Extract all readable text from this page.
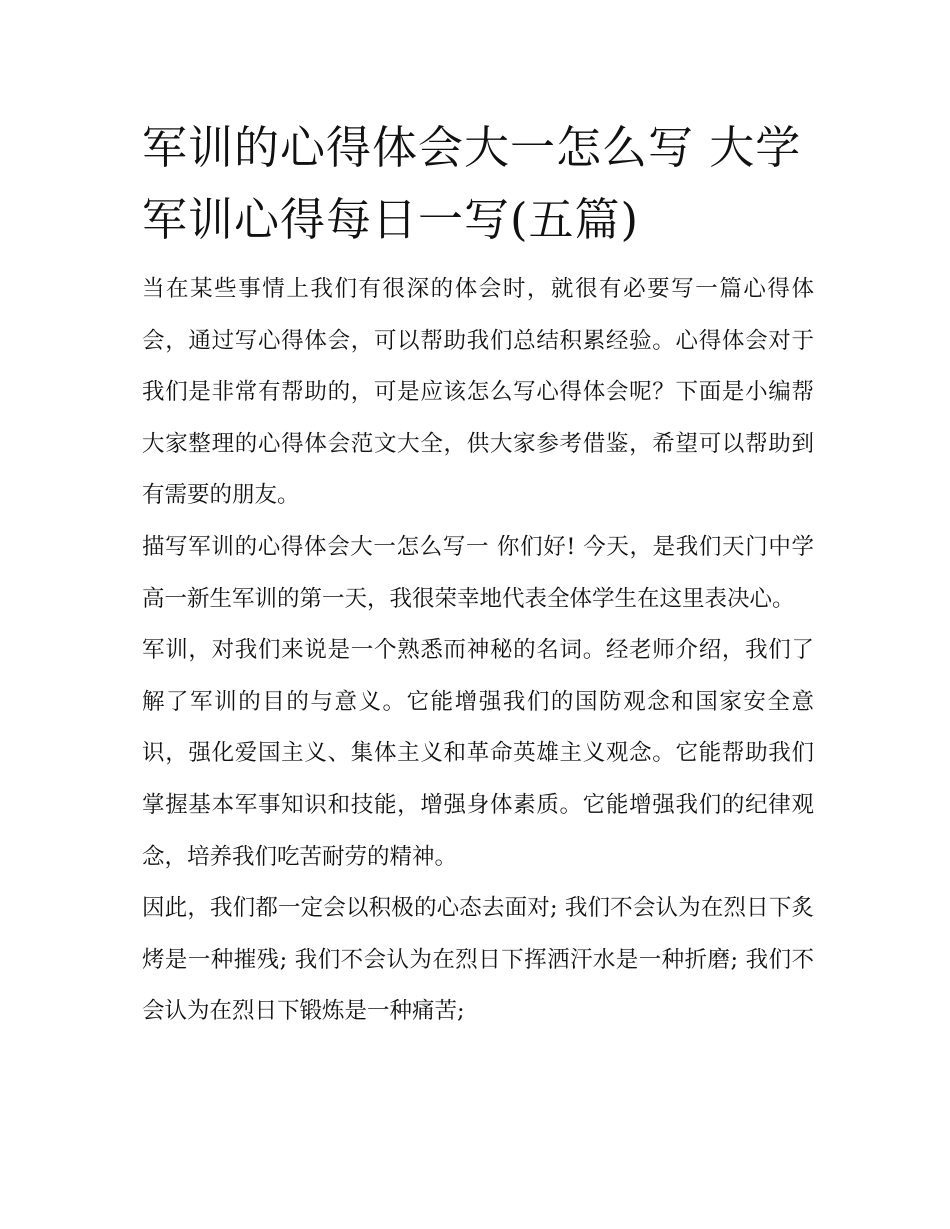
军训的心得体会大一怎么写 大学军训心得每日一写(五篇)

当在某些事情上我们有很深的体会时，就很有必要写一篇心得体会，通过写心得体会，可以帮助我们总结积累经验。心得体会对于我们是非常有帮助的，可是应该怎么写心得体会呢？下面是小编帮大家整理的心得体会范文大全，供大家参考借鉴，希望可以帮助到有需要的朋友。

描写军训的心得体会大一怎么写一 你们好! 今天，是我们天门中学高一新生军训的第一天，我很荣幸地代表全体学生在这里表决心。

军训，对我们来说是一个熟悉而神秘的名词。经老师介绍，我们了解了军训的目的与意义。它能增强我们的国防观念和国家安全意识，强化爱国主义、集体主义和革命英雄主义观念。它能帮助我们掌握基本军事知识和技能，增强身体素质。它能增强我们的纪律观念，培养我们吃苦耐劳的精神。

因此，我们都一定会以积极的心态去面对; 我们不会认为在烈日下炙烤是一种摧残; 我们不会认为在烈日下挥洒汗水是一种折磨; 我们不会认为在烈日下锻炼是一种痛苦;
